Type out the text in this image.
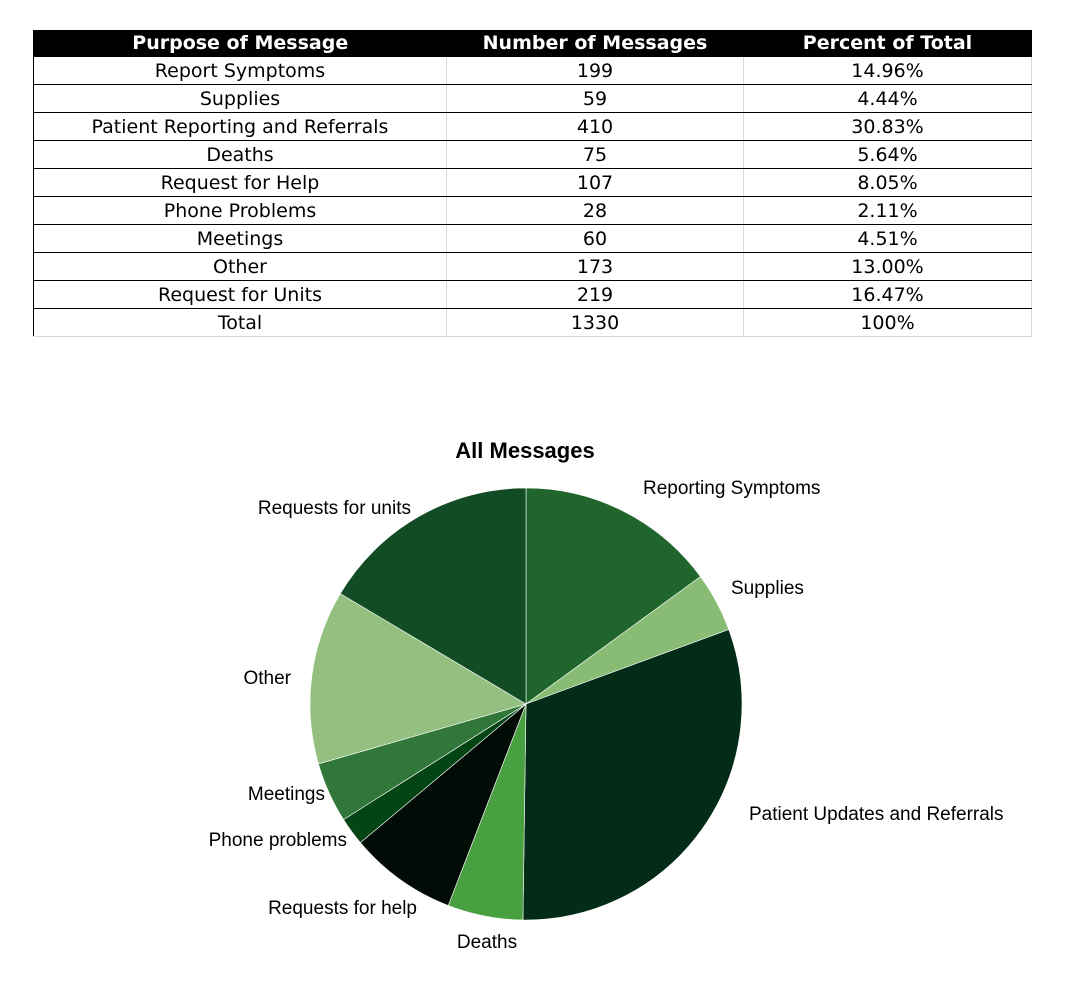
Purpose of Message	Number of Messages	Percent of Total
Report Symptoms	199	14.96%
Supplies	59	4.44%
Patient Reporting and Referrals	410	30.83%
Deaths	75	5.64%
Request for Help	107	8.05%
Phone Problems	28	2.11%
Meetings	60	4.51%
Other	173	13.00%
Request for Units	219	16.47%
Total	1330	100%
All Messages
Reporting Symptoms
Supplies
Patient Updates and Referrals
Deaths
Requests for help
Phone problems
Meetings
Other
Requests for units
